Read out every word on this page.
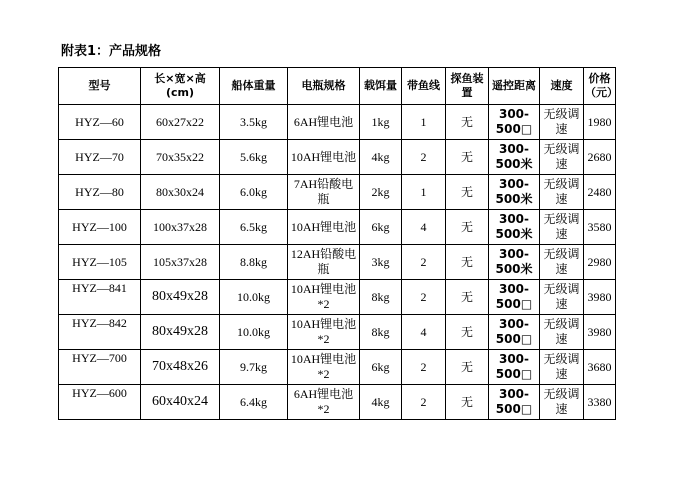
附表1：产品规格
型号	长×宽×高(cm)	船体重量	电瓶规格	载饵量	带鱼线	探鱼装置	遥控距离	速度	价格（元）
HYZ—60	60x27x22	3.5kg	6AH锂电池	1kg	1	无	300-500□	无级调速	1980
HYZ—70	70x35x22	5.6kg	10AH锂电池	4kg	2	无	300-500米	无级调速	2680
HYZ—80	80x30x24	6.0kg	7AH铅酸电瓶	2kg	1	无	300-500米	无级调速	2480
HYZ—100	100x37x28	6.5kg	10AH锂电池	6kg	4	无	300-500米	无级调速	3580
HYZ—105	105x37x28	8.8kg	12AH铅酸电瓶	3kg	2	无	300-500米	无级调速	2980
HYZ—841	80x49x28	10.0kg	10AH锂电池*2	8kg	2	无	300-500□	无级调速	3980
HYZ—842	80x49x28	10.0kg	10AH锂电池*2	8kg	4	无	300-500□	无级调速	3980
HYZ—700	70x48x26	9.7kg	10AH锂电池*2	6kg	2	无	300-500□	无级调速	3680
HYZ—600	60x40x24	6.4kg	6AH锂电池*2	4kg	2	无	300-500□	无级调速	3380
